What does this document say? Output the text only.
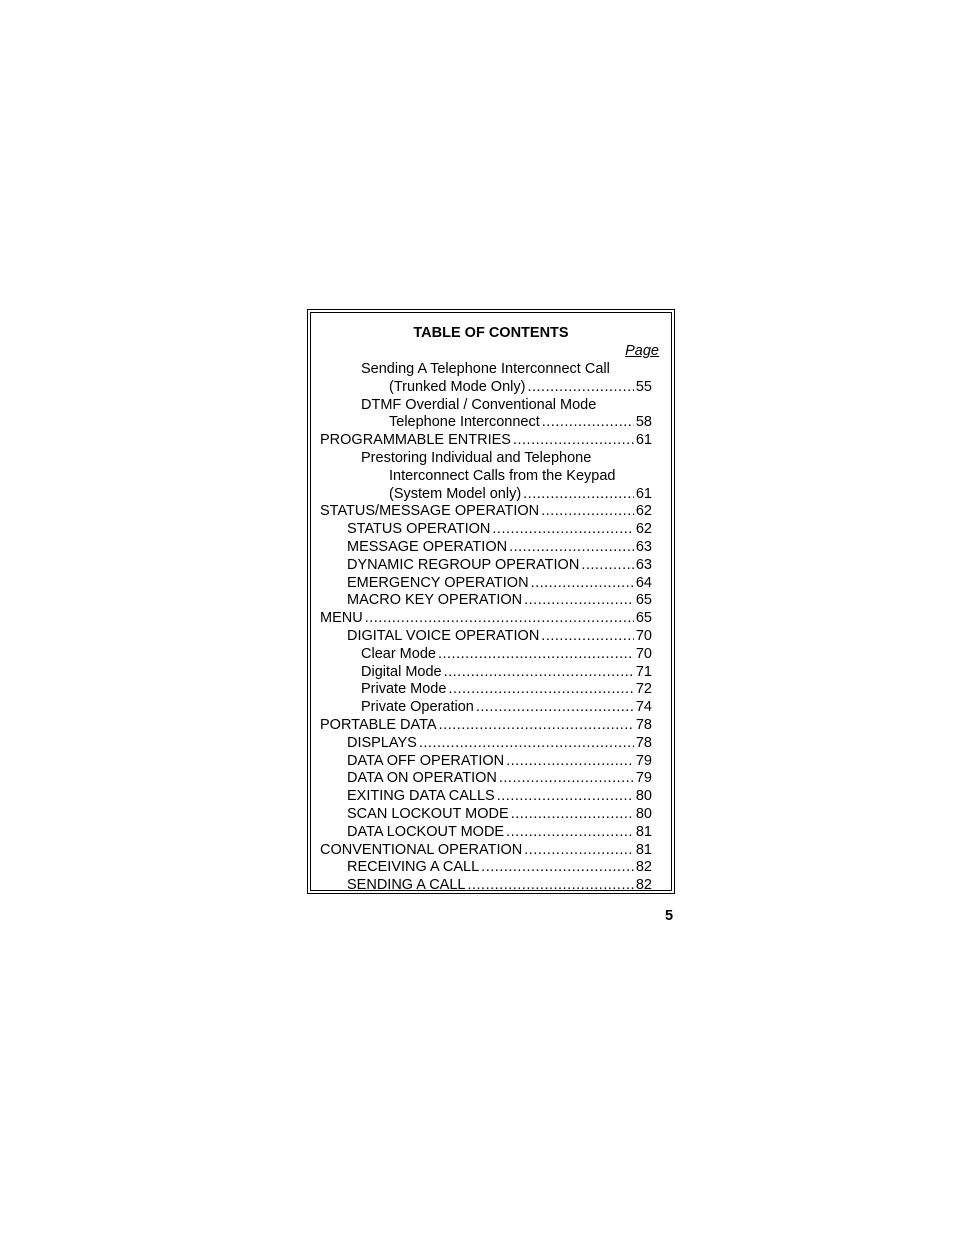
TABLE OF CONTENTS
Page
Sending A Telephone Interconnect Call
(Trunked Mode Only) .....	55
DTMF Overdial / Conventional Mode
Telephone Interconnect .....	58
PROGRAMMABLE ENTRIES .....	61
Prestoring Individual and Telephone
Interconnect Calls from the Keypad
(System Model only) .....	61
STATUS/MESSAGE OPERATION .....	62
STATUS OPERATION .....	62
MESSAGE OPERATION .....	63
DYNAMIC REGROUP OPERATION .....	63
EMERGENCY OPERATION .....	64
MACRO KEY OPERATION .....	65
MENU .....	65
DIGITAL VOICE OPERATION .....	70
Clear Mode .....	70
Digital Mode .....	71
Private Mode .....	72
Private Operation .....	74
PORTABLE DATA .....	78
DISPLAYS .....	78
DATA OFF OPERATION .....	79
DATA ON OPERATION .....	79
EXITING DATA CALLS .....	80
SCAN LOCKOUT MODE .....	80
DATA LOCKOUT MODE .....	81
CONVENTIONAL OPERATION .....	81
RECEIVING A CALL .....	82
SENDING A CALL .....	82
5
